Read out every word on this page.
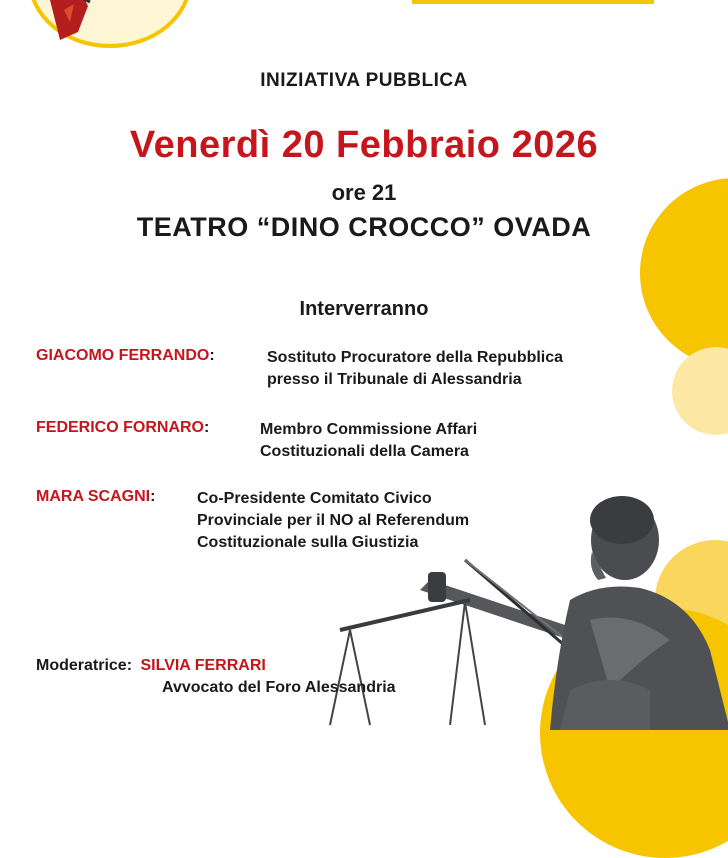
INIZIATIVA PUBBLICA
Venerdì 20 Febbraio 2026
ore 21
TEATRO “DINO CROCCO” OVADA
Interverranno
GIACOMO FERRANDO:	Sostituto Procuratore della Repubblica
presso il Tribunale di Alessandria
FEDERICO FORNARO:	Membro Commissione Affari
Costituzionali della Camera
MARA SCAGNI:	Co-Presidente Comitato Civico
Provinciale per il NO al Referendum
Costituzionale sulla Giustizia
Moderatrice: SILVIA FERRARI
Avvocato del Foro Alessandria
